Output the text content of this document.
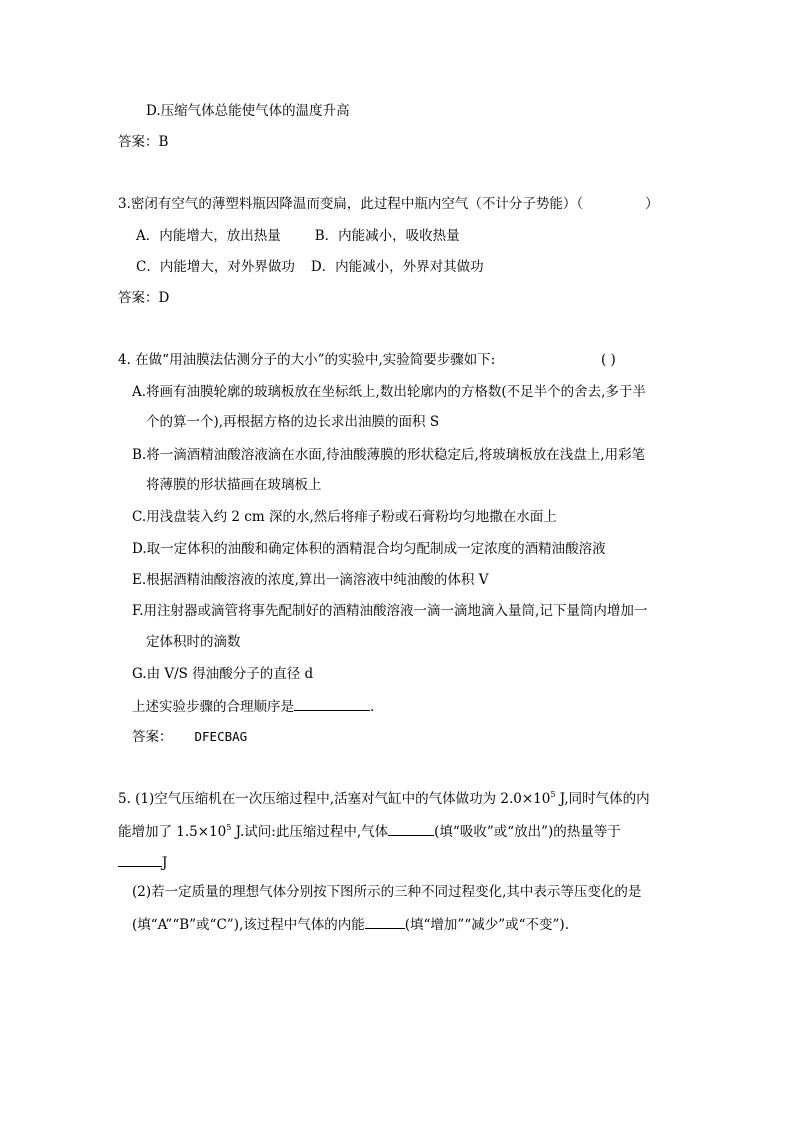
D.压缩气体总能使气体的温度升高
答案：B
3.密闭有空气的薄塑料瓶因降温而变扁，此过程中瓶内空气（不计分子势能）（	）
A．内能增大，放出热量	B．内能减小，吸收热量
C．内能增大，对外界做功 D．内能减小，外界对其做功
答案：D
4. 在做“用油膜法估测分子的大小”的实验中,实验简要步骤如下:	( )
A.将画有油膜轮廓的玻璃板放在坐标纸上,数出轮廓内的方格数(不足半个的舍去,多于半
个的算一个),再根据方格的边长求出油膜的面积 S
B.将一滴酒精油酸溶液滴在水面,待油酸薄膜的形状稳定后,将玻璃板放在浅盘上,用彩笔
将薄膜的形状描画在玻璃板上
C.用浅盘装入约 2 cm 深的水,然后将痱子粉或石膏粉均匀地撒在水面上
D.取一定体积的油酸和确定体积的酒精混合均匀配制成一定浓度的酒精油酸溶液
E.根据酒精油酸溶液的浓度,算出一滴溶液中纯油酸的体积 V
F.用注射器或滴管将事先配制好的酒精油酸溶液一滴一滴地滴入量筒,记下量筒内增加一
定体积时的滴数
G.由 V/S 得油酸分子的直径 d
上述实验步骤的合理顺序是	.
答案： DFECBAG
5. (1)空气压缩机在一次压缩过程中,活塞对气缸中的气体做功为 $2.0\times 10^5$ J,同时气体的内
能增加了 $1.5\times 10^5$ J.试问:此压缩过程中,气体	(填“吸收”或“放出”)的热量等于
J
(2)若一定质量的理想气体分别按下图所示的三种不同过程变化,其中表示等压变化的是
(填“A”“B”或“C”),该过程中气体的内能	(填“增加”“减少”或“不变”).
